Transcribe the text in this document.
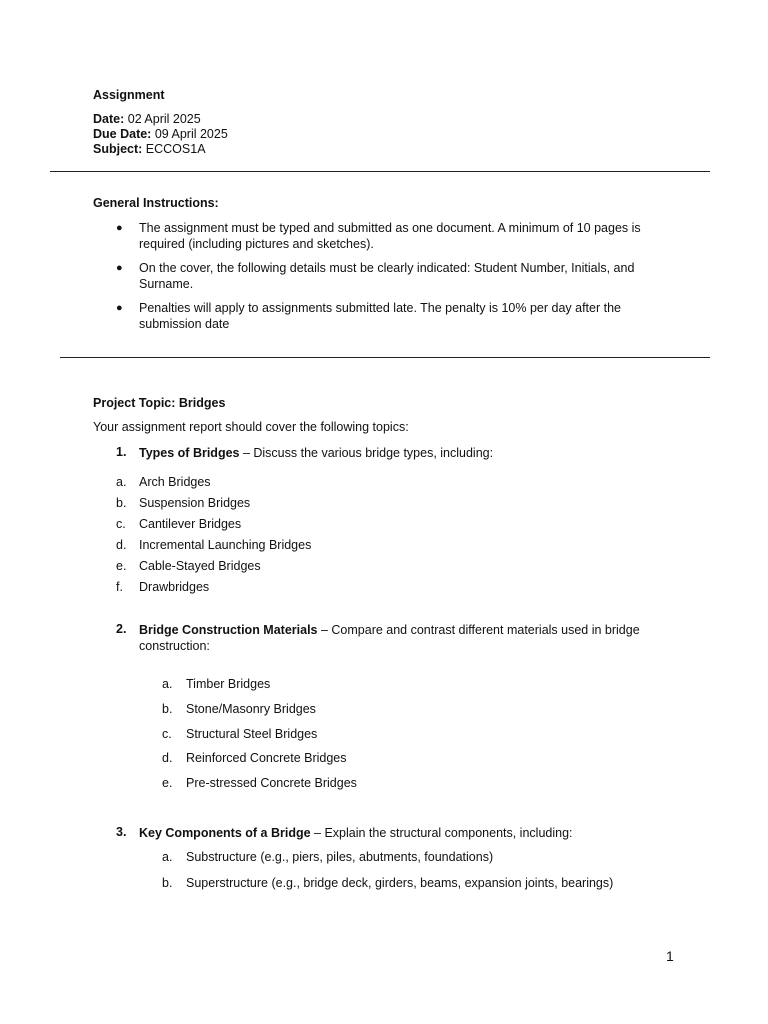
Assignment
Date: 02 April 2025
Due Date: 09 April 2025
Subject: ECCOS1A
General Instructions:
● The assignment must be typed and submitted as one document. A minimum of 10 pages is required (including pictures and sketches).
● On the cover, the following details must be clearly indicated: Student Number, Initials, and Surname.
● Penalties will apply to assignments submitted late. The penalty is 10% per day after the submission date
Project Topic: Bridges
Your assignment report should cover the following topics:
1. Types of Bridges – Discuss the various bridge types, including:
a. Arch Bridges
b. Suspension Bridges
c. Cantilever Bridges
d. Incremental Launching Bridges
e. Cable-Stayed Bridges
f. Drawbridges
2. Bridge Construction Materials – Compare and contrast different materials used in bridge construction:
a. Timber Bridges
b. Stone/Masonry Bridges
c. Structural Steel Bridges
d. Reinforced Concrete Bridges
e. Pre-stressed Concrete Bridges
3. Key Components of a Bridge – Explain the structural components, including:
a. Substructure (e.g., piers, piles, abutments, foundations)
b. Superstructure (e.g., bridge deck, girders, beams, expansion joints, bearings)
1
